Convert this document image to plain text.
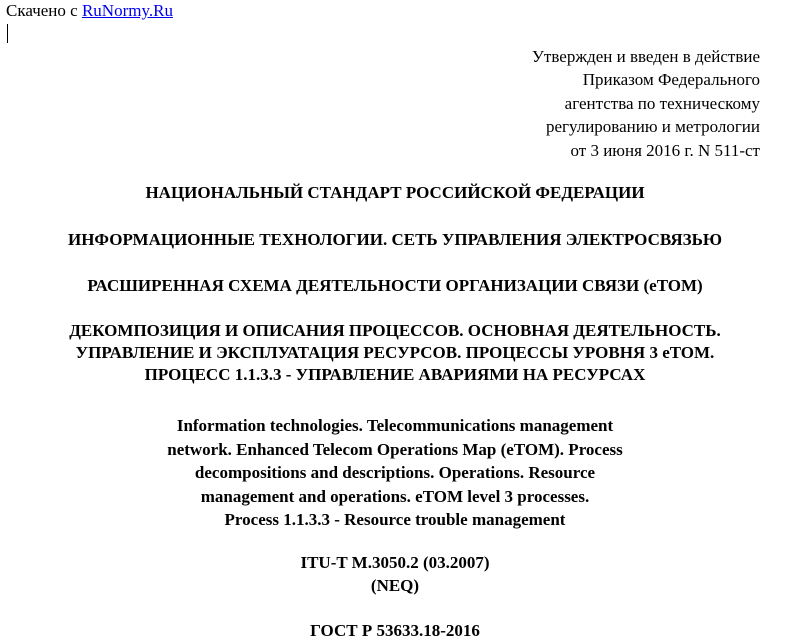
Скачено с RuNormy.Ru
Утвержден и введен в действие
Приказом Федерального
агентства по техническому
регулированию и метрологии
от 3 июня 2016 г. N 511-ст
НАЦИОНАЛЬНЫЙ СТАНДАРТ РОССИЙСКОЙ ФЕДЕРАЦИИ
ИНФОРМАЦИОННЫЕ ТЕХНОЛОГИИ. СЕТЬ УПРАВЛЕНИЯ ЭЛЕКТРОСВЯЗЬЮ
РАСШИРЕННАЯ СХЕМА ДЕЯТЕЛЬНОСТИ ОРГАНИЗАЦИИ СВЯЗИ (eTOM)
ДЕКОМПОЗИЦИЯ И ОПИСАНИЯ ПРОЦЕССОВ. ОСНОВНАЯ ДЕЯТЕЛЬНОСТЬ.
УПРАВЛЕНИЕ И ЭКСПЛУАТАЦИЯ РЕСУРСОВ. ПРОЦЕССЫ УРОВНЯ 3 eTOM.
ПРОЦЕСС 1.1.3.3 - УПРАВЛЕНИЕ АВАРИЯМИ НА РЕСУРСАХ
Information technologies. Telecommunications management
network. Enhanced Telecom Operations Map (eTOM). Process
decompositions and descriptions. Operations. Resource
management and operations. eTOM level 3 processes.
Process 1.1.3.3 - Resource trouble management
ITU-T M.3050.2 (03.2007)
(NEQ)
ГОСТ Р 53633.18-2016
